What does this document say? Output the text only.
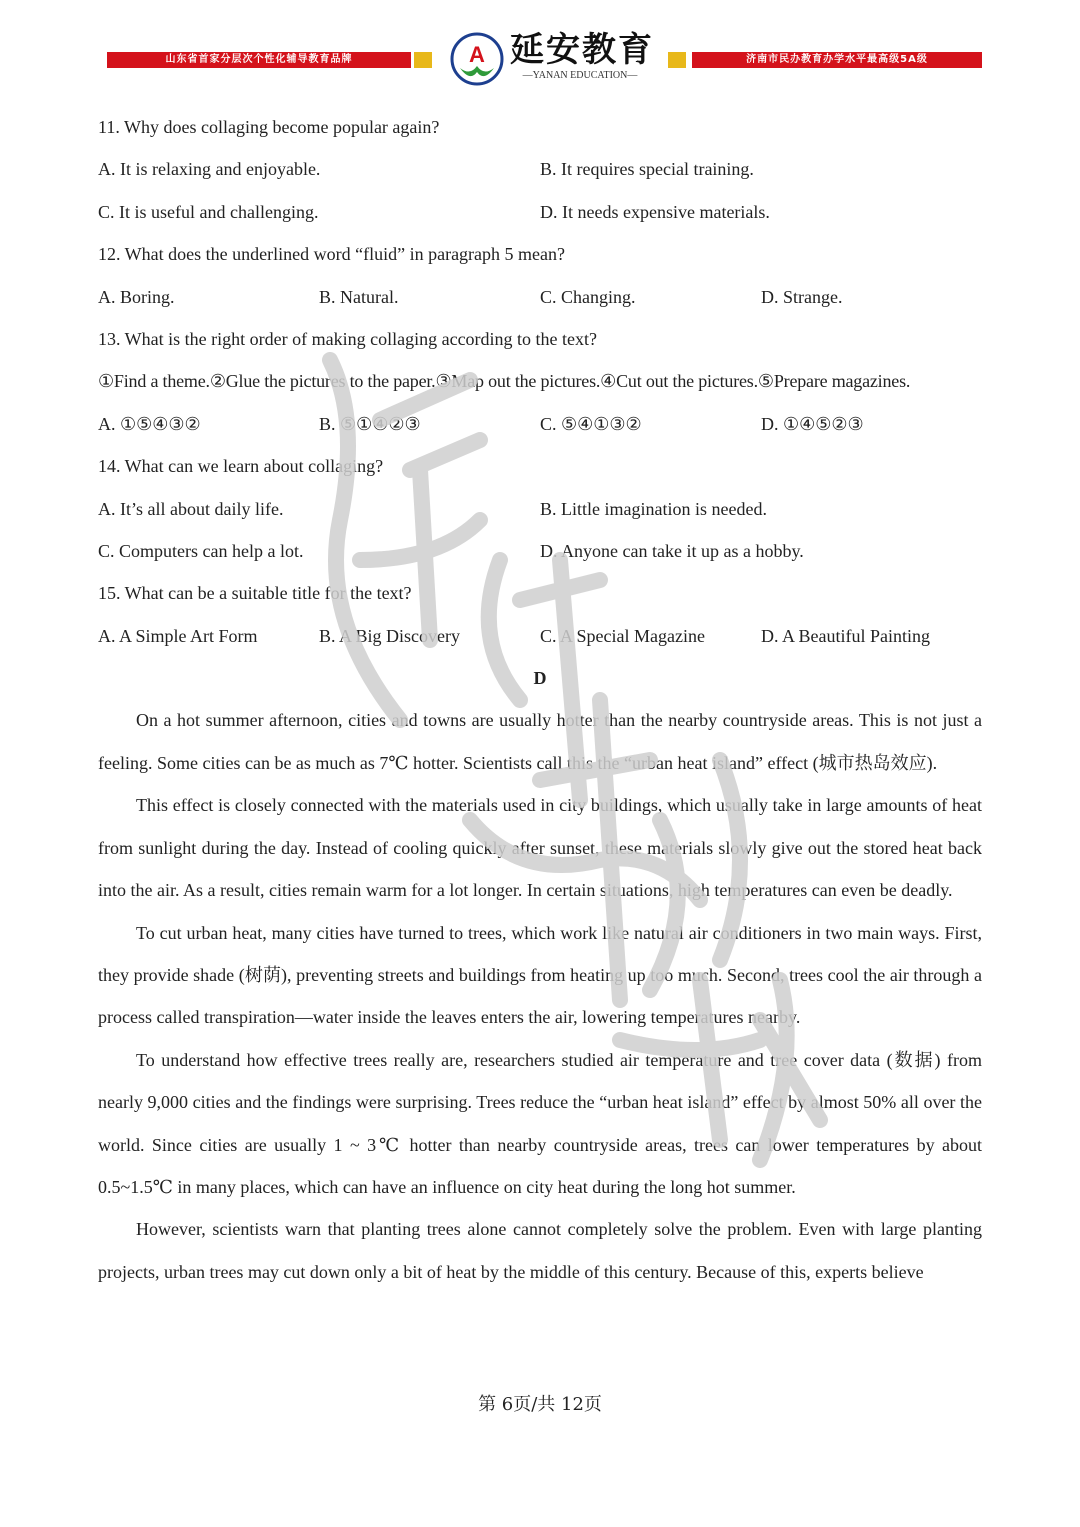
山东省首家分层次个性化辅导教育品牌	A 延安教育
— YANAN EDUCATION —
济南市民办教育办学水平最高级5A级
11. Why does collaging become popular again?
A. It is relaxing and enjoyable.	B. It requires special training.
C. It is useful and challenging.	D. It needs expensive materials.
12. What does the underlined word “fluid” in paragraph 5 mean?
A. Boring.	B. Natural.	C. Changing.	D. Strange.
13. What is the right order of making collaging according to the text?
①Find a theme.②Glue the pictures to the paper.③Map out the pictures.④Cut out the pictures.⑤Prepare magazines.
A. ①⑤④③②	B. ⑤①④②③	C. ⑤④①③②	D. ①④⑤②③
14. What can we learn about collaging?
A. It’s all about daily life.	B. Little imagination is needed.
C. Computers can help a lot.	D. Anyone can take it up as a hobby.
15. What can be a suitable title for the text?
A. A Simple Art Form	B. A Big Discovery	C. A Special Magazine	D. A Beautiful Painting
D
On a hot summer afternoon, cities and towns are usually hotter than the nearby countryside areas. This is not just a feeling. Some cities can be as much as 7℃ hotter. Scientists call this the “urban heat island” effect (城市热岛效应).
This effect is closely connected with the materials used in city buildings, which usually take in large amounts of heat from sunlight during the day. Instead of cooling quickly after sunset, these materials slowly give out the stored heat back into the air. As a result, cities remain warm for a lot longer. In certain situations, high temperatures can even be deadly.
To cut urban heat, many cities have turned to trees, which work like natural air conditioners in two main ways. First, they provide shade (树荫), preventing streets and buildings from heating up too much. Second, trees cool the air through a process called transpiration—water inside the leaves enters the air, lowering temperatures nearby.
To understand how effective trees really are, researchers studied air temperature and tree cover data (数据) from nearly 9,000 cities and the findings were surprising. Trees reduce the “urban heat island” effect by almost 50% all over the world. Since cities are usually 1 ~ 3℃ hotter than nearby countryside areas, trees can lower temperatures by about 0.5~1.5℃ in many places, which can have an influence on city heat during the long hot summer.
However, scientists warn that planting trees alone cannot completely solve the problem. Even with large planting projects, urban trees may cut down only a bit of heat by the middle of this century. Because of this, experts believe
第 6页/共 12页
